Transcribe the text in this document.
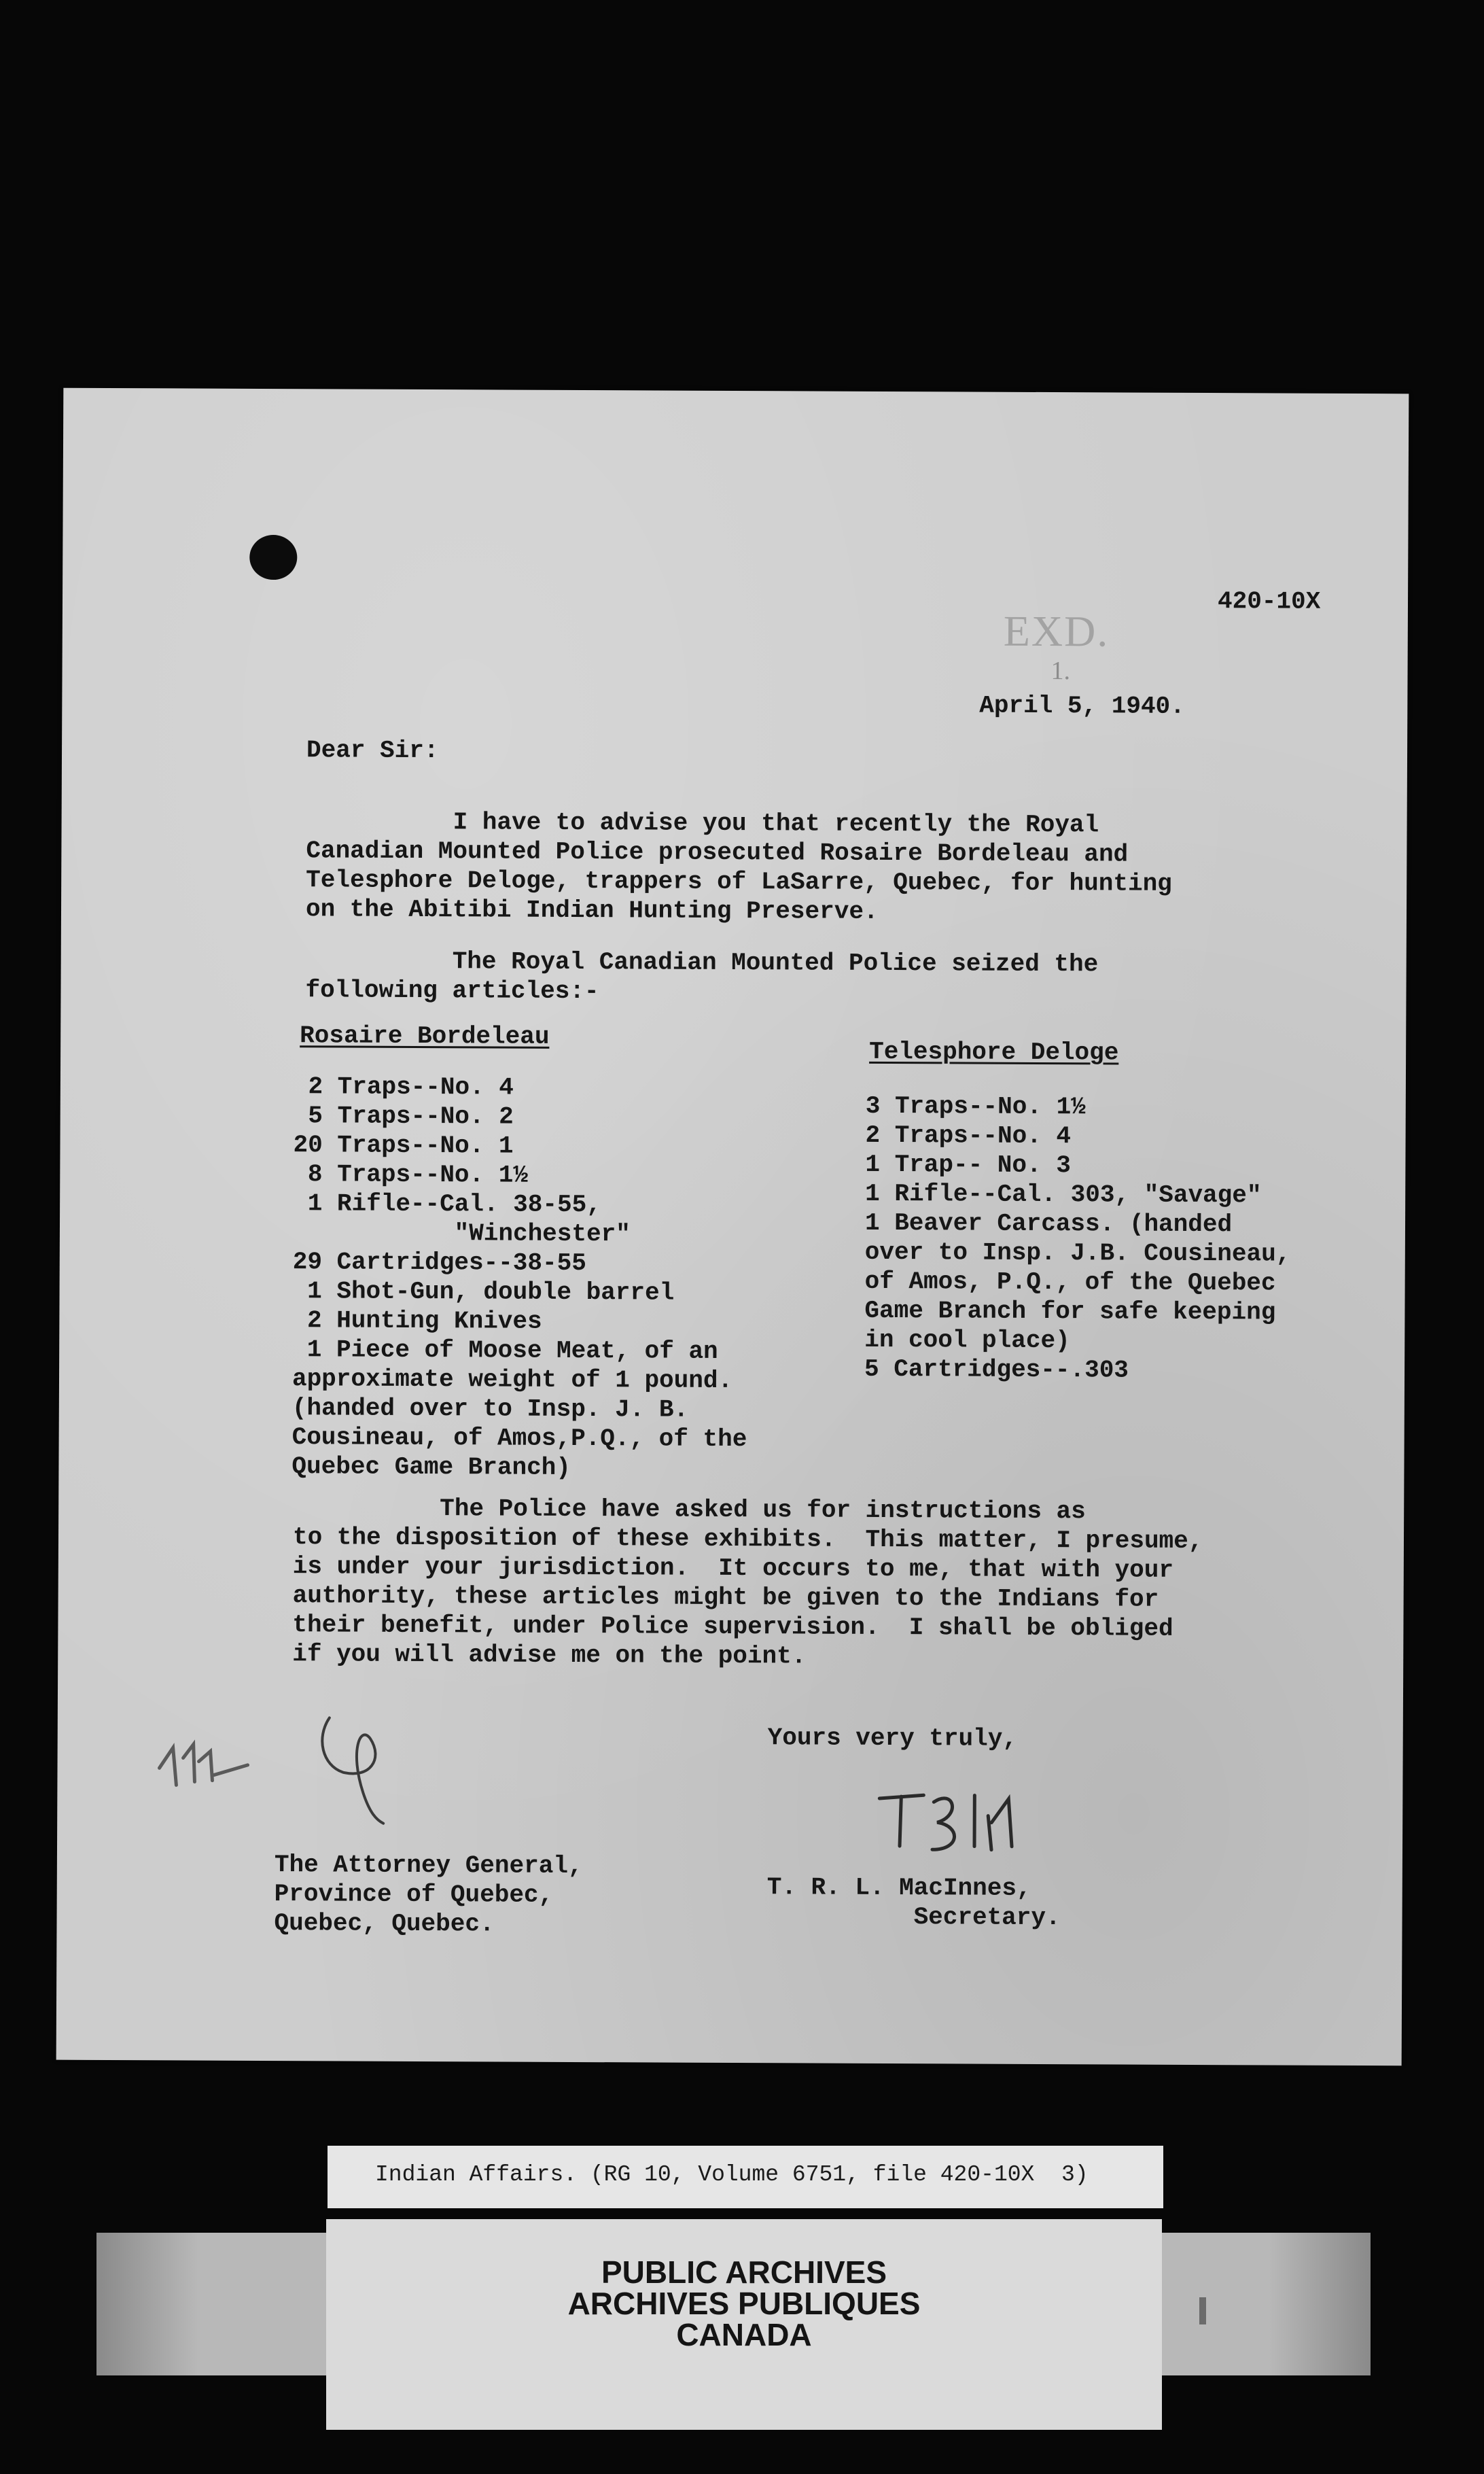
420-10X

EXD.
1.

April 5, 1940.

Dear Sir:

I have to advise you that recently the Royal
Canadian Mounted Police prosecuted Rosaire Bordeleau and
Telesphore Deloge, trappers of LaSarre, Quebec, for hunting
on the Abitibi Indian Hunting Preserve.

The Royal Canadian Mounted Police seized the
following articles:-

Rosaire Bordeleau

2 Traps--No. 4
5 Traps--No. 2
20 Traps--No. 1
8 Traps--No. 1½
1 Rifle--Cal. 38-55,
"Winchester"
29 Cartridges--38-55
1 Shot-Gun, double barrel
2 Hunting Knives
1 Piece of Moose Meat, of an
approximate weight of 1 pound.
(handed over to Insp. J. B.
Cousineau, of Amos,P.Q., of the
Quebec Game Branch)

Telesphore Deloge

3 Traps--No. 1½
2 Traps--No. 4
1 Trap-- No. 3
1 Rifle--Cal. 303, "Savage"
1 Beaver Carcass. (handed
over to Insp. J.B. Cousineau,
of Amos, P.Q., of the Quebec
Game Branch for safe keeping
in cool place)
5 Cartridges--.303

The Police have asked us for instructions as
to the disposition of these exhibits.  This matter, I presume,
is under your jurisdiction.  It occurs to me, that with your
authority, these articles might be given to the Indians for
their benefit, under Police supervision.  I shall be obliged
if you will advise me on the point.

Yours very truly,

The Attorney General,
Province of Quebec,
Quebec, Quebec.

T. R. L. MacInnes,
Secretary.

Indian Affairs. (RG 10, Volume 6751, file 420-10X  3)
PUBLIC ARCHIVES
ARCHIVES PUBLIQUES
CANADA
